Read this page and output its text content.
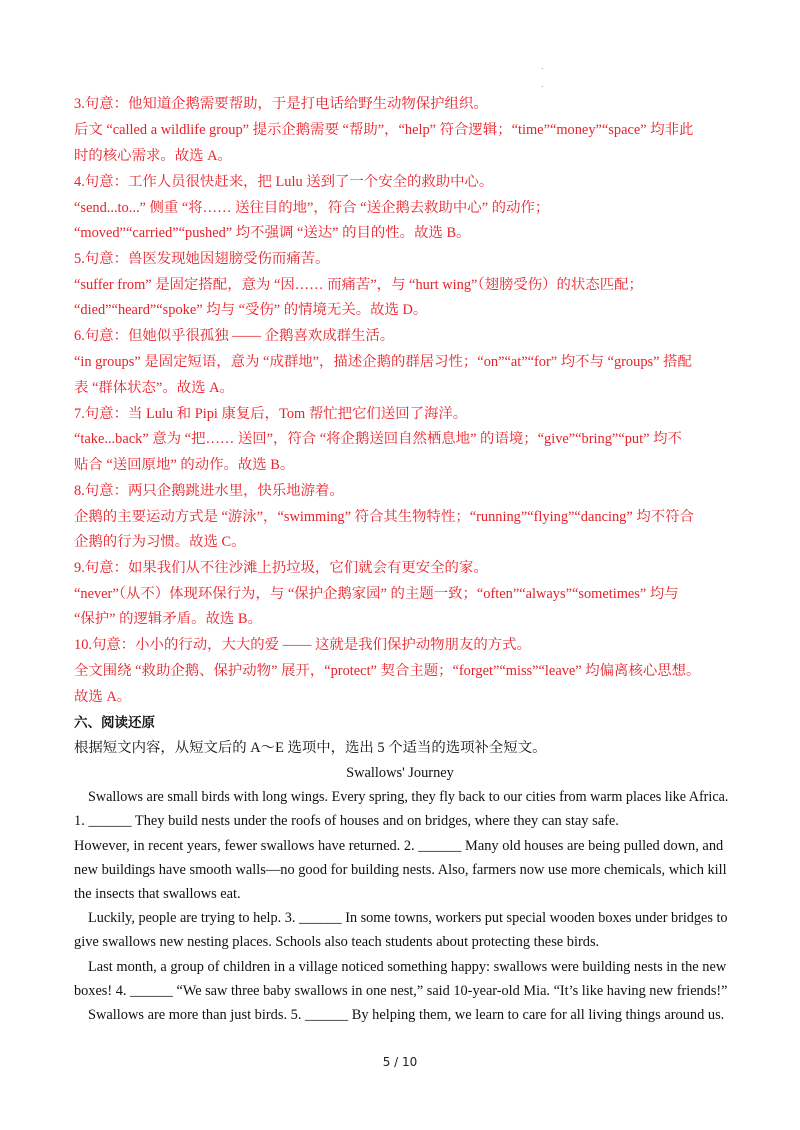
.
.
3.句意：他知道企鹅需要帮助，于是打电话给野生动物保护组织。
后文 “called a wildlife group” 提示企鹅需要 “帮助”，“help” 符合逻辑；“time”“money”“space” 均非此
时的核心需求。故选 A。
4.句意：工作人员很快赶来，把 Lulu 送到了一个安全的救助中心。
“send...to...” 侧重 “将…… 送往目的地”，符合 “送企鹅去救助中心” 的动作；
“moved”“carried”“pushed” 均不强调 “送达” 的目的性。故选 B。
5.句意：兽医发现她因翅膀受伤而痛苦。
“suffer from” 是固定搭配，意为 “因…… 而痛苦”，与 “hurt wing”（翅膀受伤）的状态匹配；
“died”“heard”“spoke” 均与 “受伤” 的情境无关。故选 D。
6.句意：但她似乎很孤独 —— 企鹅喜欢成群生活。
“in groups” 是固定短语，意为 “成群地”，描述企鹅的群居习性；“on”“at”“for” 均不与 “groups” 搭配
表 “群体状态”。故选 A。
7.句意：当 Lulu 和 Pipi 康复后，Tom 帮忙把它们送回了海洋。
“take...back” 意为 “把…… 送回”，符合 “将企鹅送回自然栖息地” 的语境；“give”“bring”“put” 均不
贴合 “送回原地” 的动作。故选 B。
8.句意：两只企鹅跳进水里，快乐地游着。
企鹅的主要运动方式是 “游泳”，“swimming” 符合其生物特性；“running”“flying”“dancing” 均不符合
企鹅的行为习惯。故选 C。
9.句意：如果我们从不往沙滩上扔垃圾，它们就会有更安全的家。
“never”（从不）体现环保行为，与 “保护企鹅家园” 的主题一致；“often”“always”“sometimes” 均与
“保护” 的逻辑矛盾。故选 B。
10.句意：小小的行动，大大的爱 —— 这就是我们保护动物朋友的方式。
全文围绕 “救助企鹅、保护动物” 展开，“protect” 契合主题；“forget”“miss”“leave” 均偏离核心思想。
故选 A。
六、阅读还原
根据短文内容，从短文后的 A～E 选项中，选出 5 个适当的选项补全短文。
Swallows' Journey
Swallows are small birds with long wings. Every spring, they fly back to our cities from warm places like Africa.
1. ______ They build nests under the roofs of houses and on bridges, where they can stay safe.
However, in recent years, fewer swallows have returned. 2. ______ Many old houses are being pulled down, and
new buildings have smooth walls—no good for building nests. Also, farmers now use more chemicals, which kill
the insects that swallows eat.
Luckily, people are trying to help. 3. ______ In some towns, workers put special wooden boxes under bridges to
give swallows new nesting places. Schools also teach students about protecting these birds.
Last month, a group of children in a village noticed something happy: swallows were building nests in the new
boxes! 4. ______ “We saw three baby swallows in one nest,” said 10-year-old Mia. “It’s like having new friends!”
Swallows are more than just birds. 5. ______ By helping them, we learn to care for all living things around us.
5 / 10
